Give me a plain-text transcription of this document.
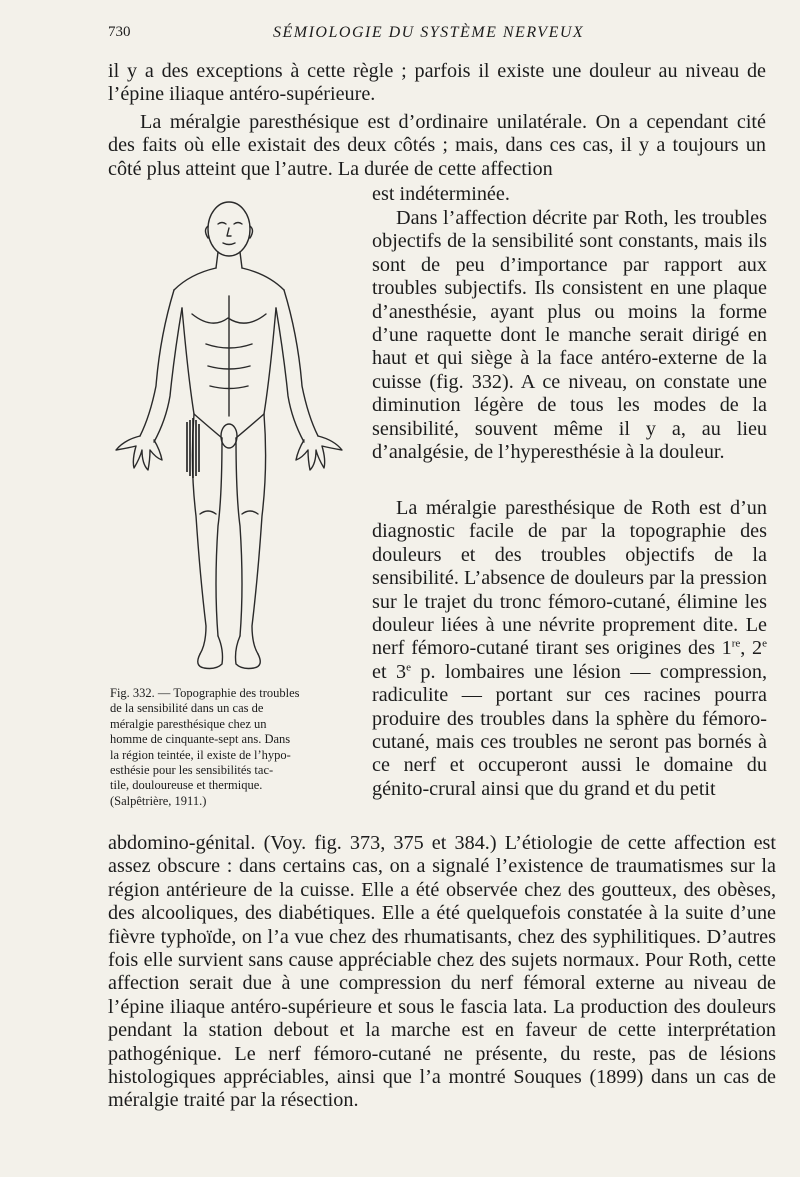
730	SÉMIOLOGIE DU SYSTÈME NERVEUX

il y a des exceptions à cette règle ; parfois il existe une douleur au niveau de l’épine iliaque antéro-supérieure.

La méralgie paresthésique est d’ordinaire unilatérale. On a cependant cité des faits où elle existait des deux côtés ; mais, dans ces cas, il y a toujours un côté plus atteint que l’autre. La durée de cette affection

est indéterminée.

Dans l’affection décrite par Roth, les troubles objectifs de la sensibilité sont constants, mais ils sont de peu d’importance par rapport aux troubles subjectifs. Ils consistent en une plaque d’anesthésie, ayant plus ou moins la forme d’une raquette dont le manche serait dirigé en haut et qui siège à la face antéro-externe de la cuisse (fig. 332). A ce niveau, on constate une diminution légère de tous les modes de la sensibilité, souvent même il y a, au lieu d’analgésie, de l’hyperesthésie à la douleur.

La méralgie paresthésique de Roth est d’un diagnostic facile de par la topographie des douleurs et des troubles objectifs de la sensibilité. L’absence de douleurs par la pression sur le trajet du tronc fémoro-cutané, élimine les douleur liées à une névrite proprement dite. Le nerf fémoro-cutané tirant ses origines des 1re, 2e et 3e p. lombaires une lésion — compression, radiculite — portant sur ces racines pourra produire des troubles dans la sphère du fémoro-cutané, mais ces troubles ne seront pas bornés à ce nerf et occuperont aussi le domaine du génito-crural ainsi que du grand et du petit

abdomino-génital. (Voy. fig. 373, 375 et 384.) L’étiologie de cette affection est assez obscure : dans certains cas, on a signalé l’existence de traumatismes sur la région antérieure de la cuisse. Elle a été observée chez des goutteux, des obèses, des alcooliques, des diabétiques. Elle a été quelquefois constatée à la suite d’une fièvre typhoïde, on l’a vue chez des rhumatisants, chez des syphilitiques. D’autres fois elle survient sans cause appréciable chez des sujets normaux. Pour Roth, cette affection serait due à une compression du nerf fémoral externe au niveau de l’épine iliaque antéro-supérieure et sous le fascia lata. La production des douleurs pendant la station debout et la marche est en faveur de cette interprétation pathogénique. Le nerf fémoro-cutané ne présente, du reste, pas de lésions histologiques appréciables, ainsi que l’a montré Souques (1899) dans un cas de méralgie traité par la résection.

Fig. 332. — Topographie des troubles
de la sensibilité dans un cas de
méralgie paresthésique chez un
homme de cinquante-sept ans. Dans
la région teintée, il existe de l’hypo-
esthésie pour les sensibilités tac-
tile, douloureuse et thermique.
(Salpêtrière, 1911.)
